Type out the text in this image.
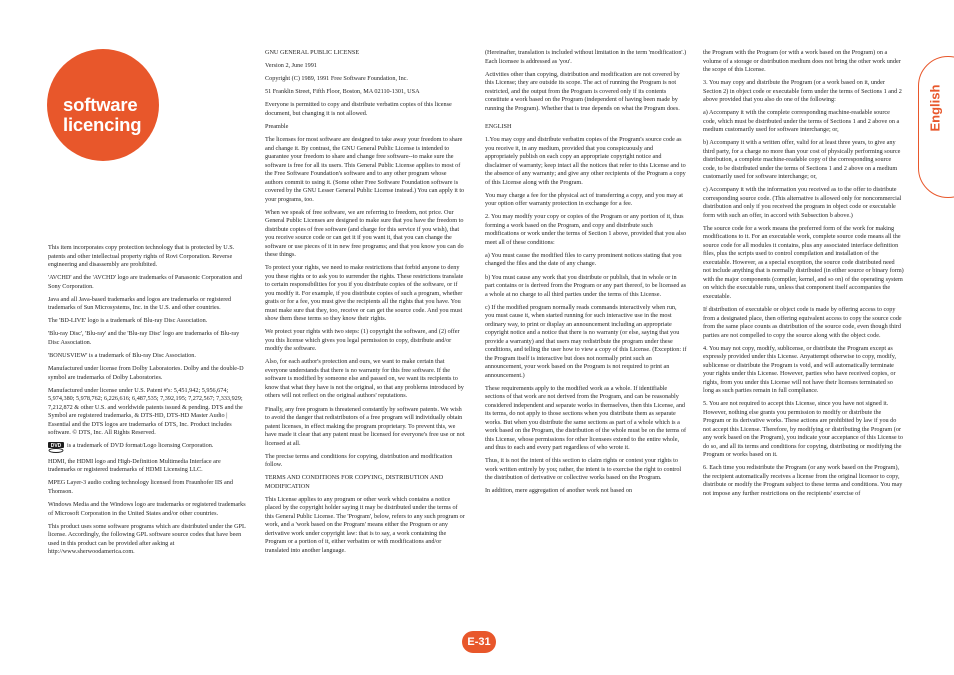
software
licencing	English

This item incorporates copy protection technology that is protected by U.S. patents and other intellectual property rights of Rovi Corporation. Reverse engineering and disassembly are prohibited.

'AVCHD' and the 'AVCHD' logo are trademarks of Panasonic Corporation and Sony Corporation.

Java and all Java-based trademarks and logos are trademarks or registered trademarks of Sun Microsystems, Inc. in the U.S. and other countries.

The 'BD-LIVE' logo is a trademark of Blu-ray Disc Association.

'Blu-ray Disc', 'Blu-ray' and the 'Blu-ray Disc' logo are trademarks of Blu-ray Disc Association.

'BONUSVIEW' is a trademark of Blu-ray Disc Association.

Manufactured under license from Dolby Laboratories. Dolby and the double-D symbol are trademarks of Dolby Laboratories.

Manufactured under license under U.S. Patent #'s: 5,451,942; 5,956,674; 5,974,380; 5,978,762; 6,226,616; 6,487,535; 7,392,195; 7,272,567; 7,333,929; 7,212,872 & other U.S. and worldwide patents issued & pending. DTS and the Symbol are registered trademarks, & DTS-HD, DTS-HD Master Audio | Essential and the DTS logos are trademarks of DTS, Inc. Product includes software. © DTS, Inc. All Rights Reserved.

DVD is a trademark of DVD format/Logo licensing Corporation.

HDMI, the HDMI logo and High-Definition Multimedia Interface are trademarks or registered trademarks of HDMI Licensing LLC.

MPEG Layer-3 audio coding technology licensed from Fraunhofer IIS and Thomson.

Windows Media and the Windows logo are trademarks or registered trademarks of Microsoft Corporation in the United States and/or other countries.

This product uses some software programs which are distributed under the GPL license. Accordingly, the following GPL software source codes that have been used in this product can be provided after asking at http://www.sherwoodamerica.com.

GNU GENERAL PUBLIC LICENSE

Version 2, June 1991

Copyright (C) 1989, 1991 Free Software Foundation, Inc.

51 Franklin Street, Fifth Floor, Boston, MA 02110-1301, USA

Everyone is permitted to copy and distribute verbatim copies of this license document, but changing it is not allowed.

Preamble

The licenses for most software are designed to take away your freedom to share and change it. By contrast, the GNU General Public License is intended to guarantee your freedom to share and change free software--to make sure the software is free for all its users. This General Public License applies to most of the Free Software Foundation's software and to any other program whose authors commit to using it. (Some other Free Software Foundation software is covered by the GNU Lesser General Public License instead.) You can apply it to your programs, too.

When we speak of free software, we are referring to freedom, not price. Our General Public Licenses are designed to make sure that you have the freedom to distribute copies of free software (and charge for this service if you wish), that you receive source code or can get it if you want it, that you can change the software or use pieces of it in new free programs; and that you know you can do these things.

To protect your rights, we need to make restrictions that forbid anyone to deny you these rights or to ask you to surrender the rights. These restrictions translate to certain responsibilities for you if you distribute copies of the software, or if you modify it. For example, if you distribute copies of such a program, whether gratis or for a fee, you must give the recipients all the rights that you have. You must make sure that they, too, receive or can get the source code. And you must show them these terms so they know their rights.

We protect your rights with two steps: (1) copyright the software, and (2) offer you this license which gives you legal permission to copy, distribute and/or modify the software.

Also, for each author's protection and ours, we want to make certain that everyone understands that there is no warranty for this free software. If the software is modified by someone else and passed on, we want its recipients to know that what they have is not the original, so that any problems introduced by others will not reflect on the original authors' reputations.

Finally, any free program is threatened constantly by software patents. We wish to avoid the danger that redistributors of a free program will individually obtain patent licenses, in effect making the program proprietary. To prevent this, we have made it clear that any patent must be licensed for everyone's free use or not licensed at all.

The precise terms and conditions for copying, distribution and modification follow.

TERMS AND CONDITIONS FOR COPYING, DISTRIBUTION AND MODIFICATION

This License applies to any program or other work which contains a notice placed by the copyright holder saying it may be distributed under the terms of this General Public License. The 'Program', below, refers to any such program or work, and a 'work based on the Program' means either the Program or any derivative work under copyright law: that is to say, a work containing the Program or a portion of it, either verbatim or with modifications and/or translated into another language.

(Hereinafter, translation is included without limitation in the term 'modification'.) Each licensee is addressed as 'you'.

Activities other than copying, distribution and modification are not covered by this License; they are outside its scope. The act of running the Program is not restricted, and the output from the Program is covered only if its contents constitute a work based on the Program (independent of having been made by running the Program). Whether that is true depends on what the Program does.

ENGLISH

1.You may copy and distribute verbatim copies of the Program's source code as you receive it, in any medium, provided that you conspicuously and appropriately publish on each copy an appropriate copyright notice and disclaimer of warranty; keep intact all the notices that refer to this License and to the absence of any warranty; and give any other recipients of the Program a copy of this License along with the Program.

You may charge a fee for the physical act of transferring a copy, and you may at your option offer warranty protection in exchange for a fee.

2. You may modify your copy or copies of the Program or any portion of it, thus forming a work based on the Program, and copy and distribute such modifications or work under the terms of Section 1 above, provided that you also meet all of these conditions:

a) You must cause the modified files to carry prominent notices stating that you changed the files and the date of any change.

b) You must cause any work that you distribute or publish, that in whole or in part contains or is derived from the Program or any part thereof, to be licensed as a whole at no charge to all third parties under the terms of this License.

c) If the modified program normally reads commands interactively when run, you must cause it, when started running for such interactive use in the most ordinary way, to print or display an announcement including an appropriate copyright notice and a notice that there is no warranty (or else, saying that you provide a warranty) and that users may redistribute the program under these conditions, and telling the user how to view a copy of this License. (Exception: if the Program itself is interactive but does not normally print such an announcement, your work based on the Program is not required to print an announcement.)

These requirements apply to the modified work as a whole. If identifiable sections of that work are not derived from the Program, and can be reasonably considered independent and separate works in themselves, then this License, and its terms, do not apply to those sections when you distribute them as separate works. But when you distribute the same sections as part of a whole which is a work based on the Program, the distribution of the whole must be on the terms of this License, whose permissions for other licensees extend to the entire whole, and thus to each and every part regardless of who wrote it.

Thus, it is not the intent of this section to claim rights or contest your rights to work written entirely by you; rather, the intent is to exercise the right to control the distribution of derivative or collective works based on the Program.

In addition, mere aggregation of another work not based on

the Program with the Program (or with a work based on the Program) on a volume of a storage or distribution medium does not bring the other work under the scope of this License.

3. You may copy and distribute the Program (or a work based on it, under Section 2) in object code or executable form under the terms of Sections 1 and 2 above provided that you also do one of the following:

a) Accompany it with the complete corresponding machine-readable source code, which must be distributed under the terms of Sections 1 and 2 above on a medium customarily used for software interchange; or,

b) Accompany it with a written offer, valid for at least three years, to give any third party, for a charge no more than your cost of physically performing source distribution, a complete machine-readable copy of the corresponding source code, to be distributed under the terms of Sections 1 and 2 above on a medium customarily used for software interchange; or,

c) Accompany it with the information you received as to the offer to distribute corresponding source code. (This alternative is allowed only for noncommercial distribution and only if you received the program in object code or executable form with such an offer, in accord with Subsection b above.)

The source code for a work means the preferred form of the work for making modifications to it. For an executable work, complete source code means all the source code for all modules it contains, plus any associated interface definition files, plus the scripts used to control compilation and installation of the executable. However, as a special exception, the source code distributed need not include anything that is normally distributed (in either source or binary form) with the major components (compiler, kernel, and so on) of the operating system on which the executable runs, unless that component itself accompanies the executable.

If distribution of executable or object code is made by offering access to copy from a designated place, then offering equivalent access to copy the source code from the same place counts as distribution of the source code, even though third parties are not compelled to copy the source along with the object code.

4. You may not copy, modify, sublicense, or distribute the Program except as expressly provided under this License. Anyattempt otherwise to copy, modify, sublicense or distribute the Program is void, and will automatically terminate your rights under this License. However, parties who have received copies, or rights, from you under this License will not have their licenses terminated so long as such parties remain in full compliance.

5. You are not required to accept this License, since you have not signed it. However, nothing else grants you permission to modify or distribute the Program or its derivative works. These actions are prohibited by law if you do not accept this License. Therefore, by modifying or distributing the Program (or any work based on the Program), you indicate your acceptance of this License to do so, and all its terms and conditions for copying, distributing or modifying the Program or works based on it.

6. Each time you redistribute the Program (or any work based on the Program), the recipient automatically receives a license from the original licensor to copy, distribute or modify the Program subject to these terms and conditions. You may not impose any further restrictions on the recipients' exercise of

E-31
